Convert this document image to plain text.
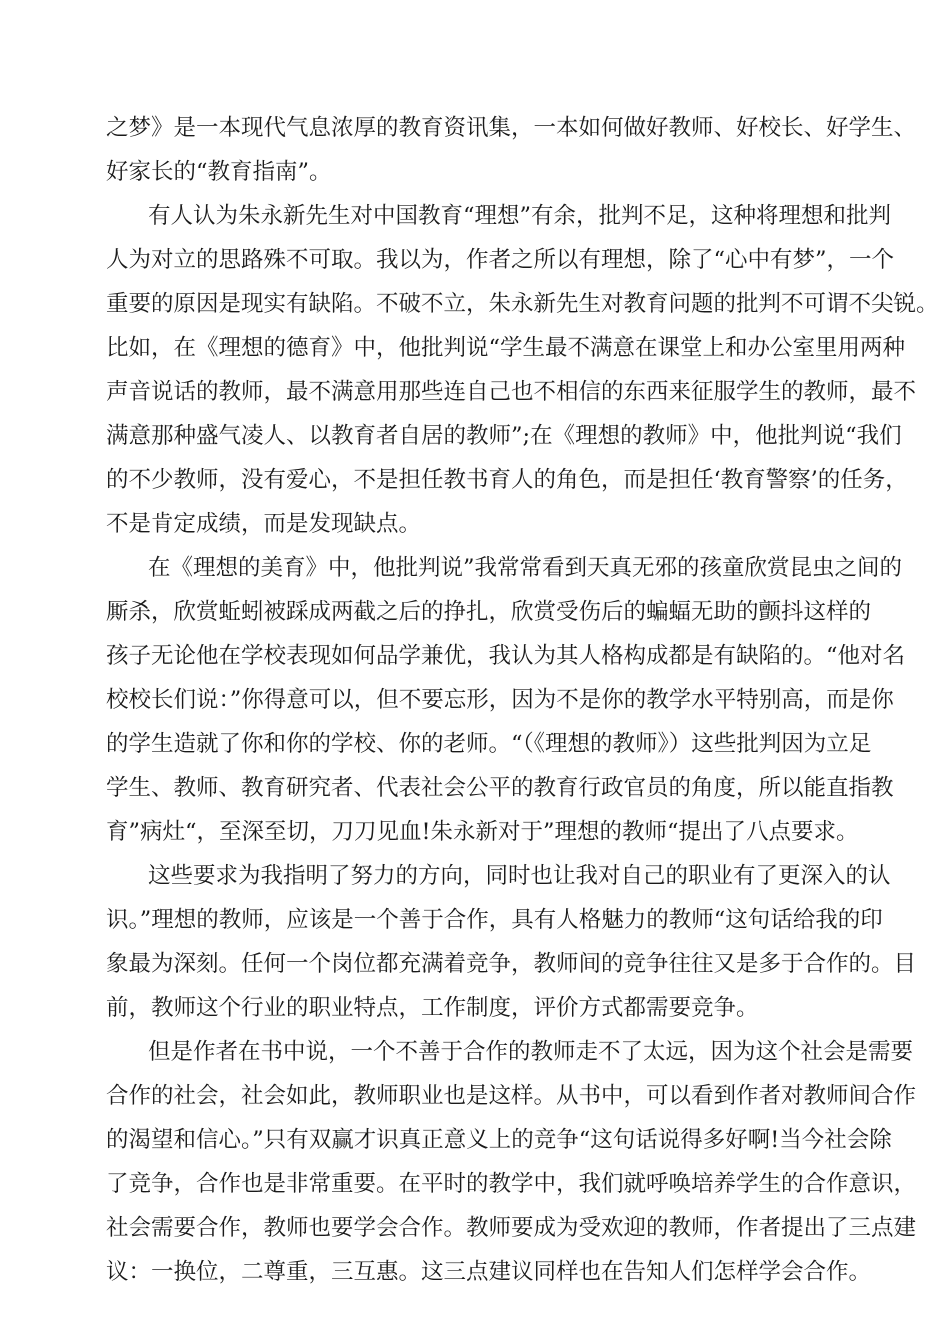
之梦》是一本现代气息浓厚的教育资讯集，一本如何做好教师、好校长、好学生、

好家长的“教育指南”。

有人认为朱永新先生对中国教育“理想”有余，批判不足，这种将理想和批判

人为对立的思路殊不可取。我以为，作者之所以有理想，除了“心中有梦”，一个

重要的原因是现实有缺陷。不破不立，朱永新先生对教育问题的批判不可谓不尖锐。

比如，在《理想的德育》中，他批判说“学生最不满意在课堂上和办公室里用两种

声音说话的教师，最不满意用那些连自己也不相信的东西来征服学生的教师，最不

满意那种盛气凌人、以教育者自居的教师”;在《理想的教师》中，他批判说“我们

的不少教师，没有爱心，不是担任教书育人的角色，而是担任‘教育警察’的任务，

不是肯定成绩，而是发现缺点。

在《理想的美育》中，他批判说”我常常看到天真无邪的孩童欣赏昆虫之间的

厮杀，欣赏蚯蚓被踩成两截之后的挣扎，欣赏受伤后的蝙蝠无助的颤抖这样的

孩子无论他在学校表现如何品学兼优，我认为其人格构成都是有缺陷的。“他对名

校校长们说：”你得意可以，但不要忘形，因为不是你的教学水平特别高，而是你

的学生造就了你和你的学校、你的老师。“（《理想的教师》）这些批判因为立足

学生、教师、教育研究者、代表社会公平的教育行政官员的角度，所以能直指教

育”病灶“，至深至切，刀刀见血!朱永新对于”理想的教师“提出了八点要求。

这些要求为我指明了努力的方向，同时也让我对自己的职业有了更深入的认

识。”理想的教师，应该是一个善于合作，具有人格魅力的教师“这句话给我的印

象最为深刻。任何一个岗位都充满着竞争，教师间的竞争往往又是多于合作的。目

前，教师这个行业的职业特点，工作制度，评价方式都需要竞争。

但是作者在书中说，一个不善于合作的教师走不了太远，因为这个社会是需要

合作的社会，社会如此，教师职业也是这样。从书中，可以看到作者对教师间合作

的渴望和信心。”只有双赢才识真正意义上的竞争“这句话说得多好啊!当今社会除

了竞争，合作也是非常重要。在平时的教学中，我们就呼唤培养学生的合作意识，

社会需要合作，教师也要学会合作。教师要成为受欢迎的教师，作者提出了三点建

议：一换位，二尊重，三互惠。这三点建议同样也在告知人们怎样学会合作。
